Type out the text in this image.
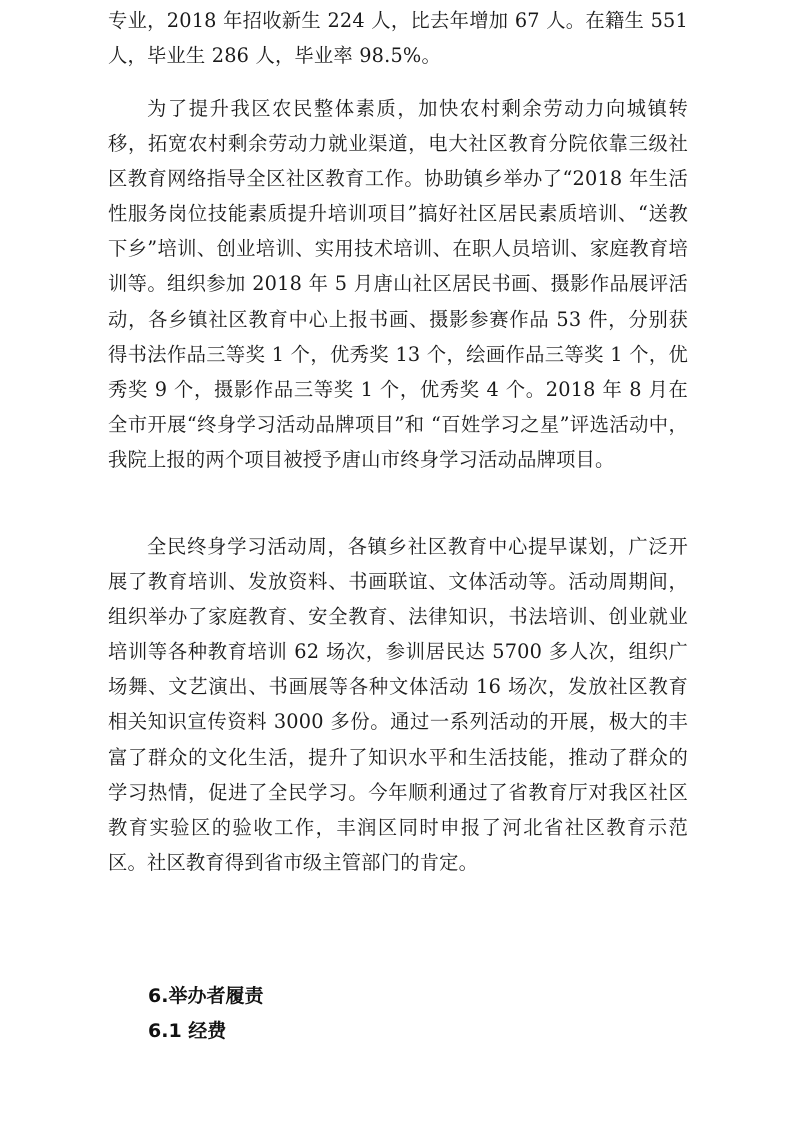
专业，2018 年招收新生 224 人，比去年增加 67 人。在籍生 551 人，毕业生 286 人，毕业率 98.5%。

为了提升我区农民整体素质，加快农村剩余劳动力向城镇转移，拓宽农村剩余劳动力就业渠道，电大社区教育分院依靠三级社区教育网络指导全区社区教育工作。协助镇乡举办了“2018 年生活性服务岗位技能素质提升培训项目”搞好社区居民素质培训、“送教下乡”培训、创业培训、实用技术培训、在职人员培训、家庭教育培训等。组织参加 2018 年 5 月唐山社区居民书画、摄影作品展评活动，各乡镇社区教育中心上报书画、摄影参赛作品 53 件，分别获得书法作品三等奖 1 个，优秀奖 13 个，绘画作品三等奖 1 个，优秀奖 9 个，摄影作品三等奖 1 个，优秀奖 4 个。2018 年 8 月在全市开展“终身学习活动品牌项目”和 “百姓学习之星”评选活动中，我院上报的两个项目被授予唐山市终身学习活动品牌项目。

全民终身学习活动周，各镇乡社区教育中心提早谋划，广泛开展了教育培训、发放资料、书画联谊、文体活动等。活动周期间，组织举办了家庭教育、安全教育、法律知识，书法培训、创业就业培训等各种教育培训 62 场次，参训居民达 5700 多人次，组织广场舞、文艺演出、书画展等各种文体活动 16 场次，发放社区教育相关知识宣传资料 3000 多份。通过一系列活动的开展，极大的丰富了群众的文化生活，提升了知识水平和生活技能，推动了群众的学习热情，促进了全民学习。今年顺利通过了省教育厅对我区社区教育实验区的验收工作，丰润区同时申报了河北省社区教育示范区。社区教育得到省市级主管部门的肯定。

6.举办者履责
6.1 经费
